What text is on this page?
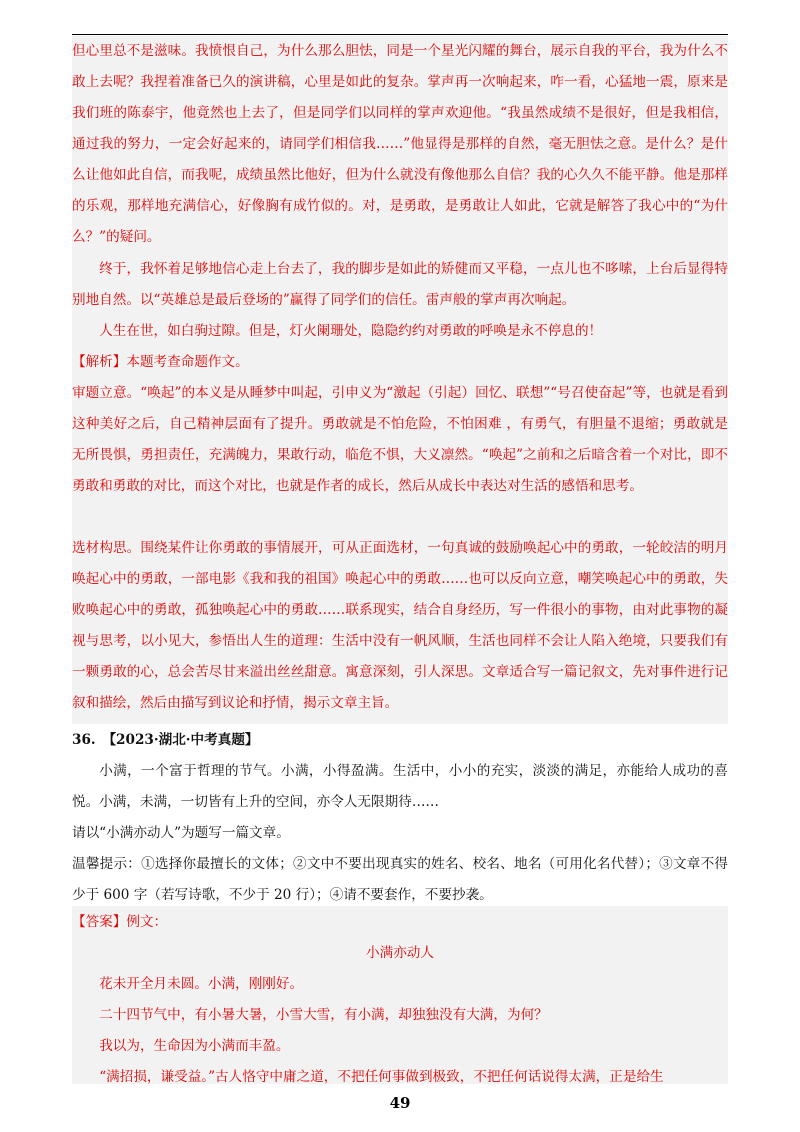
但心里总不是滋味。我愤恨自己，为什么那么胆怯，同是一个星光闪耀的舞台，展示自我的平台，我为什么不敢上去呢？我捏着准备已久的演讲稿，心里是如此的复杂。掌声再一次响起来，咋一看，心猛地一震，原来是我们班的陈泰宇，他竟然也上去了，但是同学们以同样的掌声欢迎他。“我虽然成绩不是很好，但是我相信，通过我的努力，一定会好起来的，请同学们相信我……”他显得是那样的自然，毫无胆怯之意。是什么？是什么让他如此自信，而我呢，成绩虽然比他好，但为什么就没有像他那么自信？我的心久久不能平静。他是那样的乐观，那样地充满信心，好像胸有成竹似的。对，是勇敢，是勇敢让人如此，它就是解答了我心中的“为什么？”的疑问。
终于，我怀着足够地信心走上台去了，我的脚步是如此的矫健而又平稳，一点儿也不哆嗦，上台后显得特别地自然。以“英雄总是最后登场的”赢得了同学们的信任。雷声般的掌声再次响起。
人生在世，如白驹过隙。但是，灯火阑珊处，隐隐约约对勇敢的呼唤是永不停息的！
【解析】本题考查命题作文。
审题立意。“唤起”的本义是从睡梦中叫起，引申义为“激起（引起）回忆、联想”“号召使奋起”等，也就是看到这种美好之后，自己精神层面有了提升。勇敢就是不怕危险，不怕困难 ，有勇气，有胆量不退缩；勇敢就是无所畏惧，勇担责任，充满魄力，果敢行动，临危不惧，大义凛然。“唤起”之前和之后暗含着一个对比，即不勇敢和勇敢的对比，而这个对比，也就是作者的成长，然后从成长中表达对生活的感悟和思考。
选材构思。围绕某件让你勇敢的事情展开，可从正面选材，一句真诚的鼓励唤起心中的勇敢，一轮皎洁的明月唤起心中的勇敢，一部电影《我和我的祖国》唤起心中的勇敢……也可以反向立意，嘲笑唤起心中的勇敢，失败唤起心中的勇敢，孤独唤起心中的勇敢……联系现实，结合自身经历，写一件很小的事物，由对此事物的凝视与思考，以小见大，参悟出人生的道理：生活中没有一帆风顺，生活也同样不会让人陷入绝境，只要我们有一颗勇敢的心，总会苦尽甘来溢出丝丝甜意。寓意深刻，引人深思。文章适合写一篇记叙文，先对事件进行记叙和描绘，然后由描写到议论和抒情，揭示文章主旨。
36.  【2023·湖北·中考真题】
小满，一个富于哲理的节气。小满，小得盈满。生活中，小小的充实，淡淡的满足，亦能给人成功的喜悦。小满，未满，一切皆有上升的空间，亦令人无限期待……
请以“小满亦动人”为题写一篇文章。
温馨提示：①选择你最擅长的文体；②文中不要出现真实的姓名、校名、地名（可用化名代替）；③文章不得少于 600 字（若写诗歌，不少于 20 行）；④请不要套作，不要抄袭。
【答案】例文：
小满亦动人
花未开全月未圆。小满，刚刚好。
二十四节气中，有小暑大暑，小雪大雪，有小满，却独独没有大满，为何？
我以为，生命因为小满而丰盈。
“满招损，谦受益。”古人恪守中庸之道，不把任何事做到极致，不把任何话说得太满，正是给生
49
